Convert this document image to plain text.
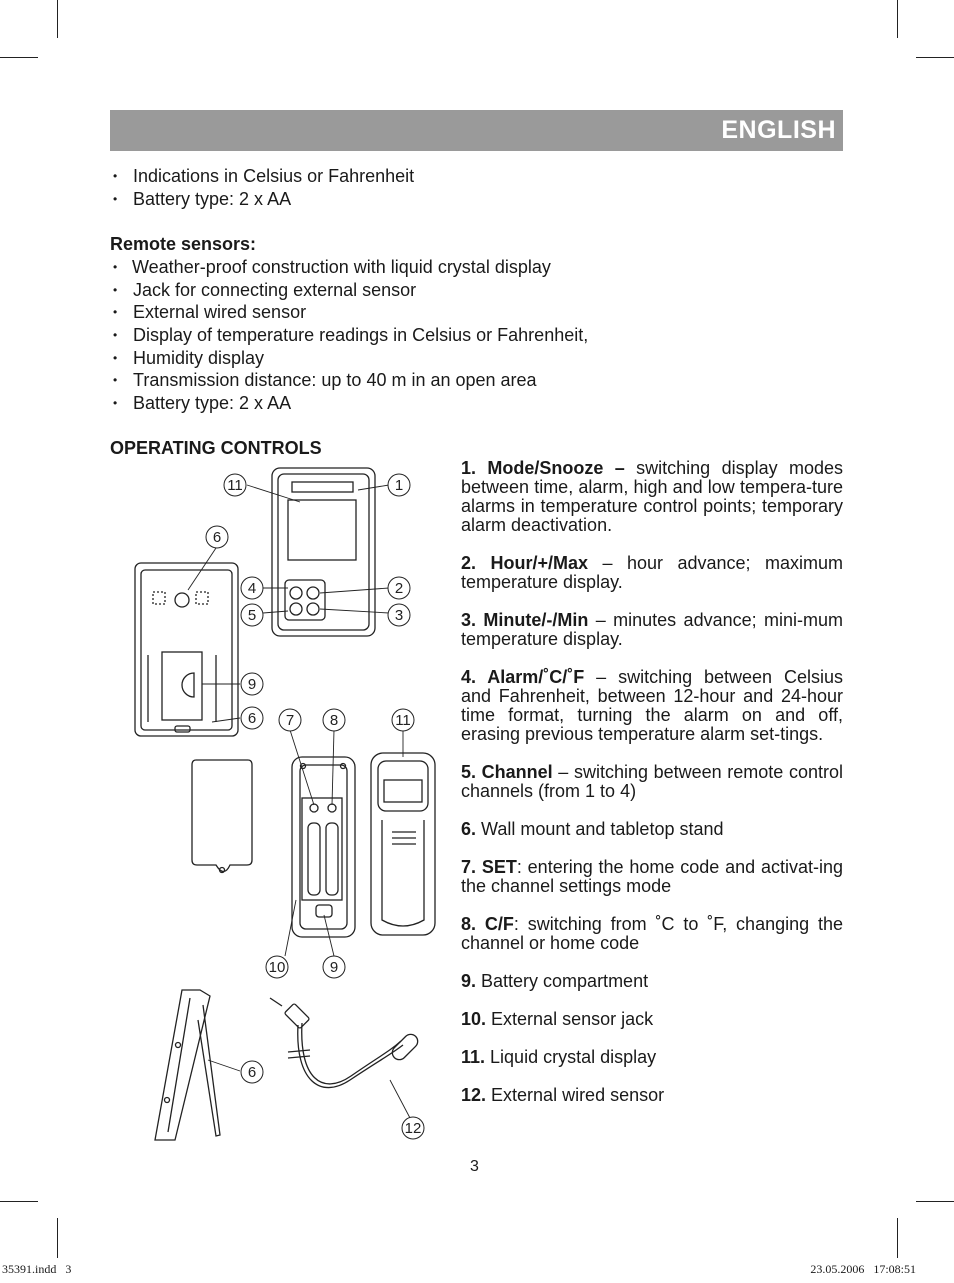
ENGLISH
• Indications in Celsius or Fahrenheit
• Battery type: 2 x AA
Remote sensors:
• Weather-proof construction with liquid crystal display
• Jack for connecting external sensor
• External wired sensor
• Display of temperature readings in Celsius or Fahrenheit,
• Humidity display
• Transmission distance: up to 40 m in an open area
• Battery type: 2 x AA
OPERATING CONTROLS

1. Mode/Snooze – switching display modes between time, alarm, high and low tempera-ture alarms in temperature control points; temporary alarm deactivation.

2. Hour/+/Max – hour advance; maximum temperature display.

3. Minute/-/Min – minutes advance; mini-mum temperature display.

4. Alarm/˚C/˚F – switching between Celsius and Fahrenheit, between 12-hour and 24-hour time format, turning the alarm on and off, erasing previous temperature alarm set-tings.

5. Channel – switching between remote control channels (from 1 to 4)

6. Wall mount and tabletop stand

7. SET: entering the home code and activat-ing the channel settings mode

8. C/F: switching from ˚C to ˚F, changing the channel or home code

9. Battery compartment

10. External sensor jack

11. Liquid crystal display

12. External wired sensor

11	1
6
4	2
5	3
9
6 7 8	11
10	9
6
12
3
35391.indd   3	23.05.2006   17:08:51
